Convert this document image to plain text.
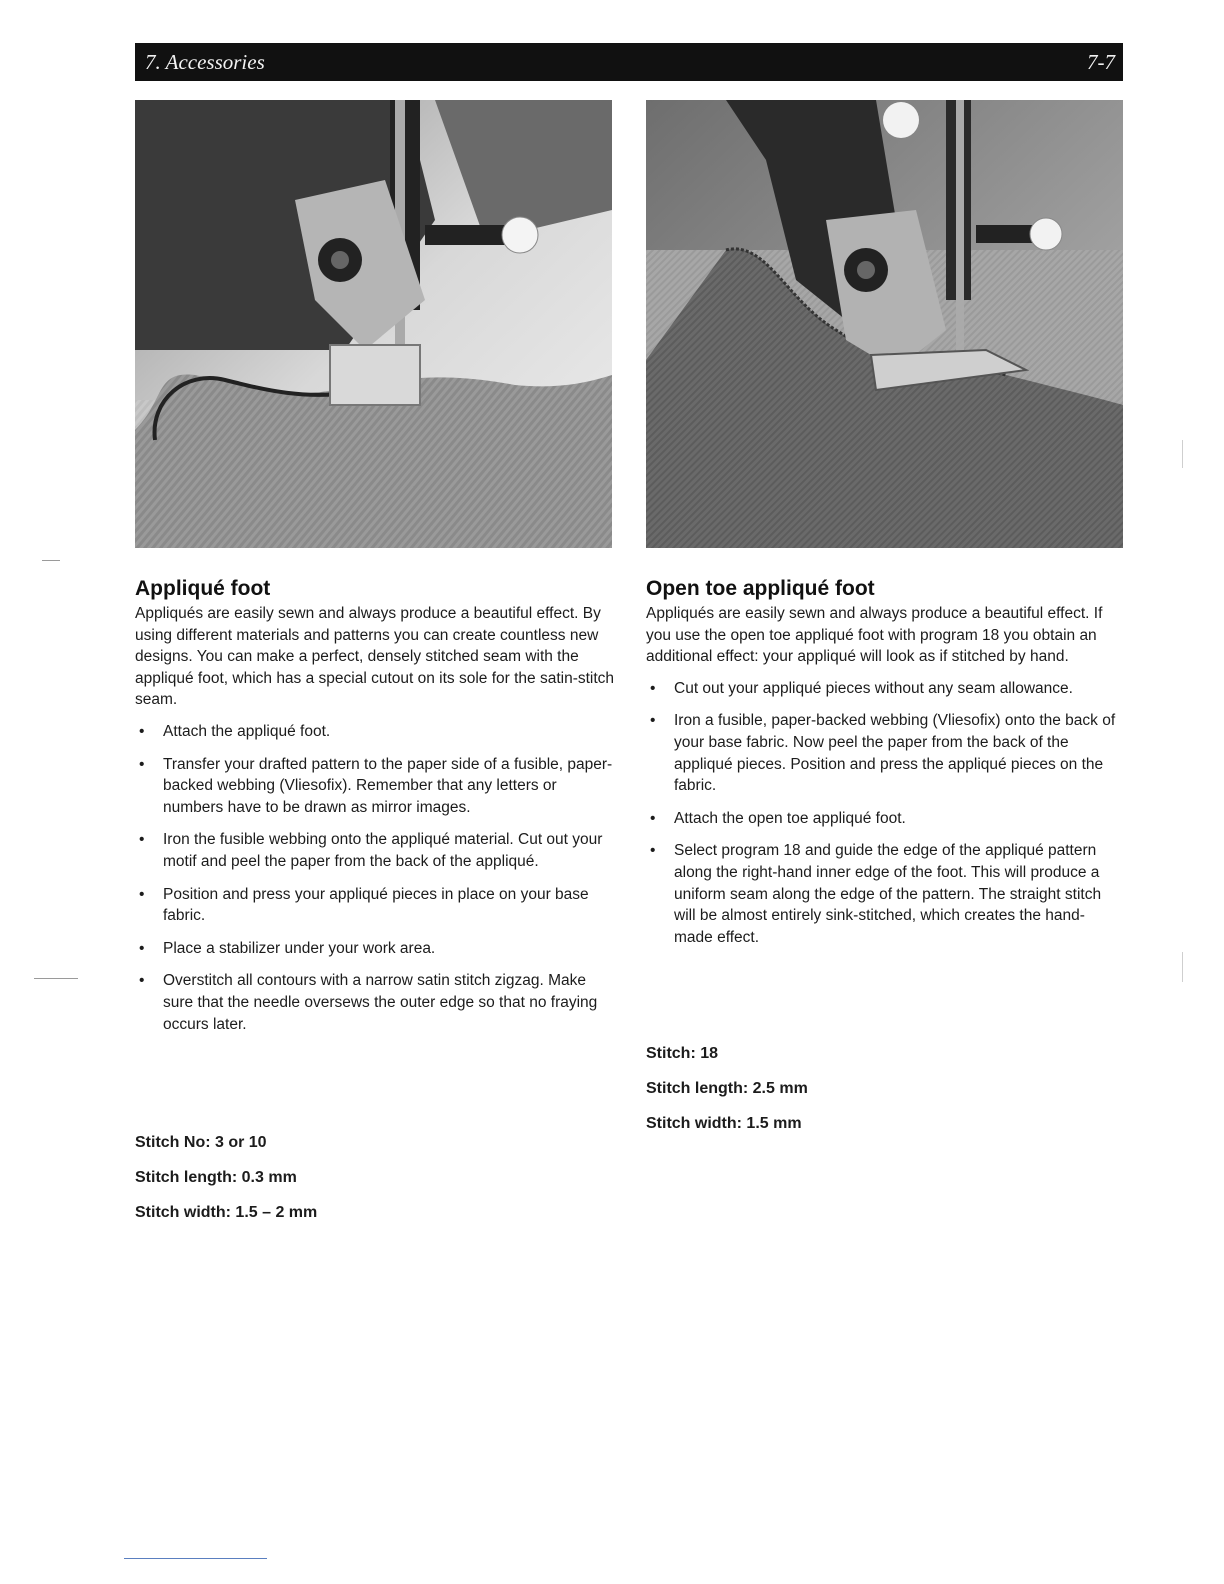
7. Accessories	7-7
Appliqué foot

Appliqués are easily sewn and always produce a beautiful effect. By using different materials and patterns you can create countless new designs. You can make a perfect, densely stitched seam with the appliqué foot, which has a special cutout on its sole for the satin-stitch seam.

• Attach the appliqué foot.
• Transfer your drafted pattern to the paper side of a fusible, paper-backed webbing (Vliesofix). Remember that any letters or numbers have to be drawn as mirror images.
• Iron the fusible webbing onto the appliqué material. Cut out your motif and peel the paper from the back of the appliqué.
• Position and press your appliqué pieces in place on your base fabric.
• Place a stabilizer under your work area.
• Overstitch all contours with a narrow satin stitch zigzag. Make sure that the needle oversews the outer edge so that no fraying occurs later.

Stitch No: 3 or 10

Stitch length: 0.3 mm

Stitch width: 1.5 – 2 mm

Open toe appliqué foot

Appliqués are easily sewn and always produce a beautiful effect. If you use the open toe appliqué foot with program 18 you obtain an additional effect: your appliqué will look as if stitched by hand.

• Cut out your appliqué pieces without any seam allowance.
• Iron a fusible, paper-backed webbing (Vliesofix) onto the back of your base fabric. Now peel the paper from the back of the appliqué pieces. Position and press the appliqué pieces on the fabric.
• Attach the open toe appliqué foot.
• Select program 18 and guide the edge of the appliqué pattern along the right-hand inner edge of the foot. This will produce a uniform seam along the edge of the pattern. The straight stitch will be almost entirely sink-stitched, which creates the hand-made effect.

Stitch: 18

Stitch length: 2.5 mm

Stitch width: 1.5 mm
